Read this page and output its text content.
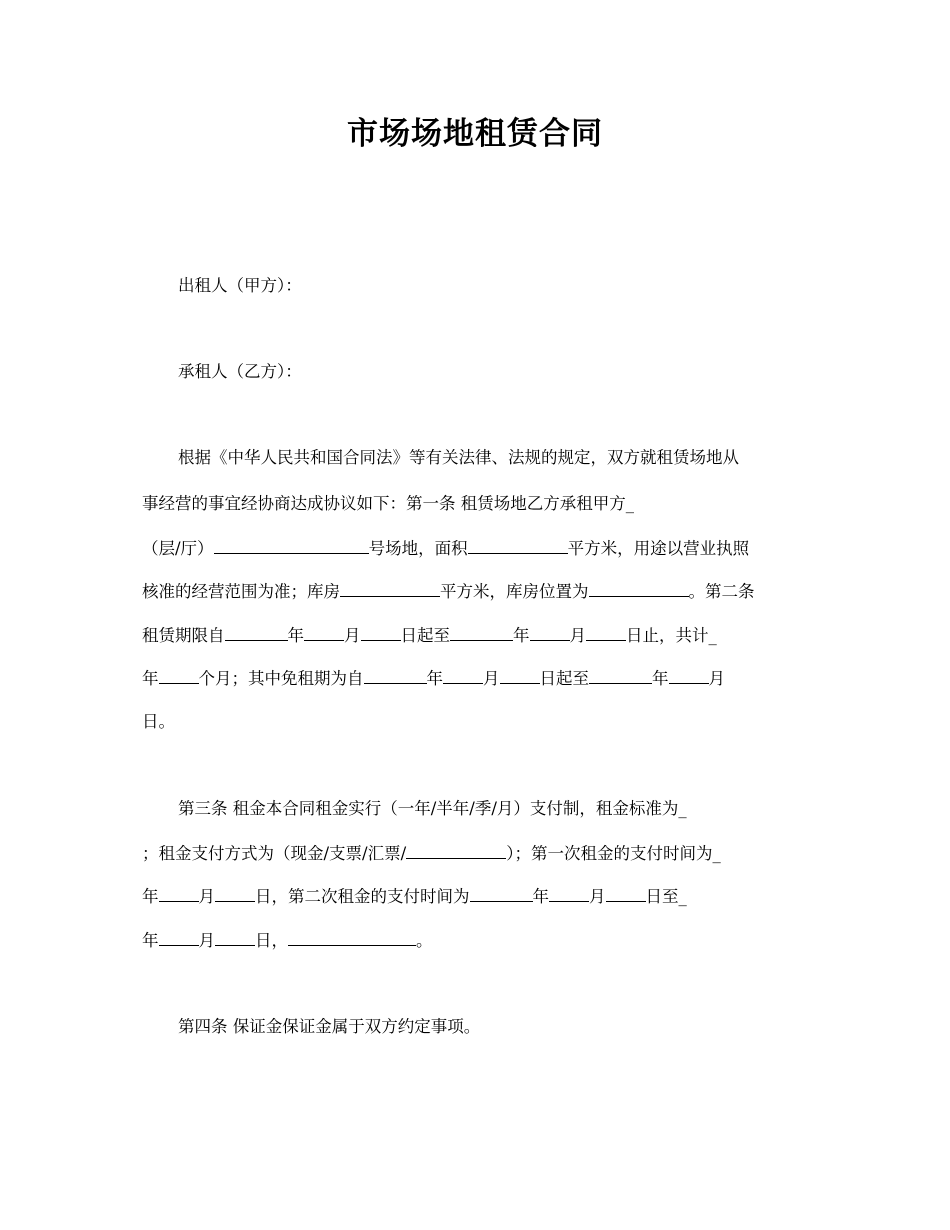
市场场地租赁合同
出租人（甲方）：
承租人（乙方）：
根据《中华人民共和国合同法》等有关法律、法规的规定，双方就租赁场地从
事经营的事宜经协商达成协议如下：第一条 租赁场地乙方承租甲方_
（层/厅）	号场地，面积	平方米，用途以营业执照
核准的经营范围为准；库房	平方米，库房位置为	。第二条
租赁期限自	年 月 日起至	年 月 日止，共计_
年 个月；其中免租期为自	年 月 日起至	年 月
日。
第三条 租金本合同租金实行（一年/半年/季/月）支付制，租金标准为_
；租金支付方式为（现金/支票/汇票/	）；第一次租金的支付时间为_
年 月 日，第二次租金的支付时间为	年 月 日至_
年 月 日，	。
第四条 保证金保证金属于双方约定事项。
